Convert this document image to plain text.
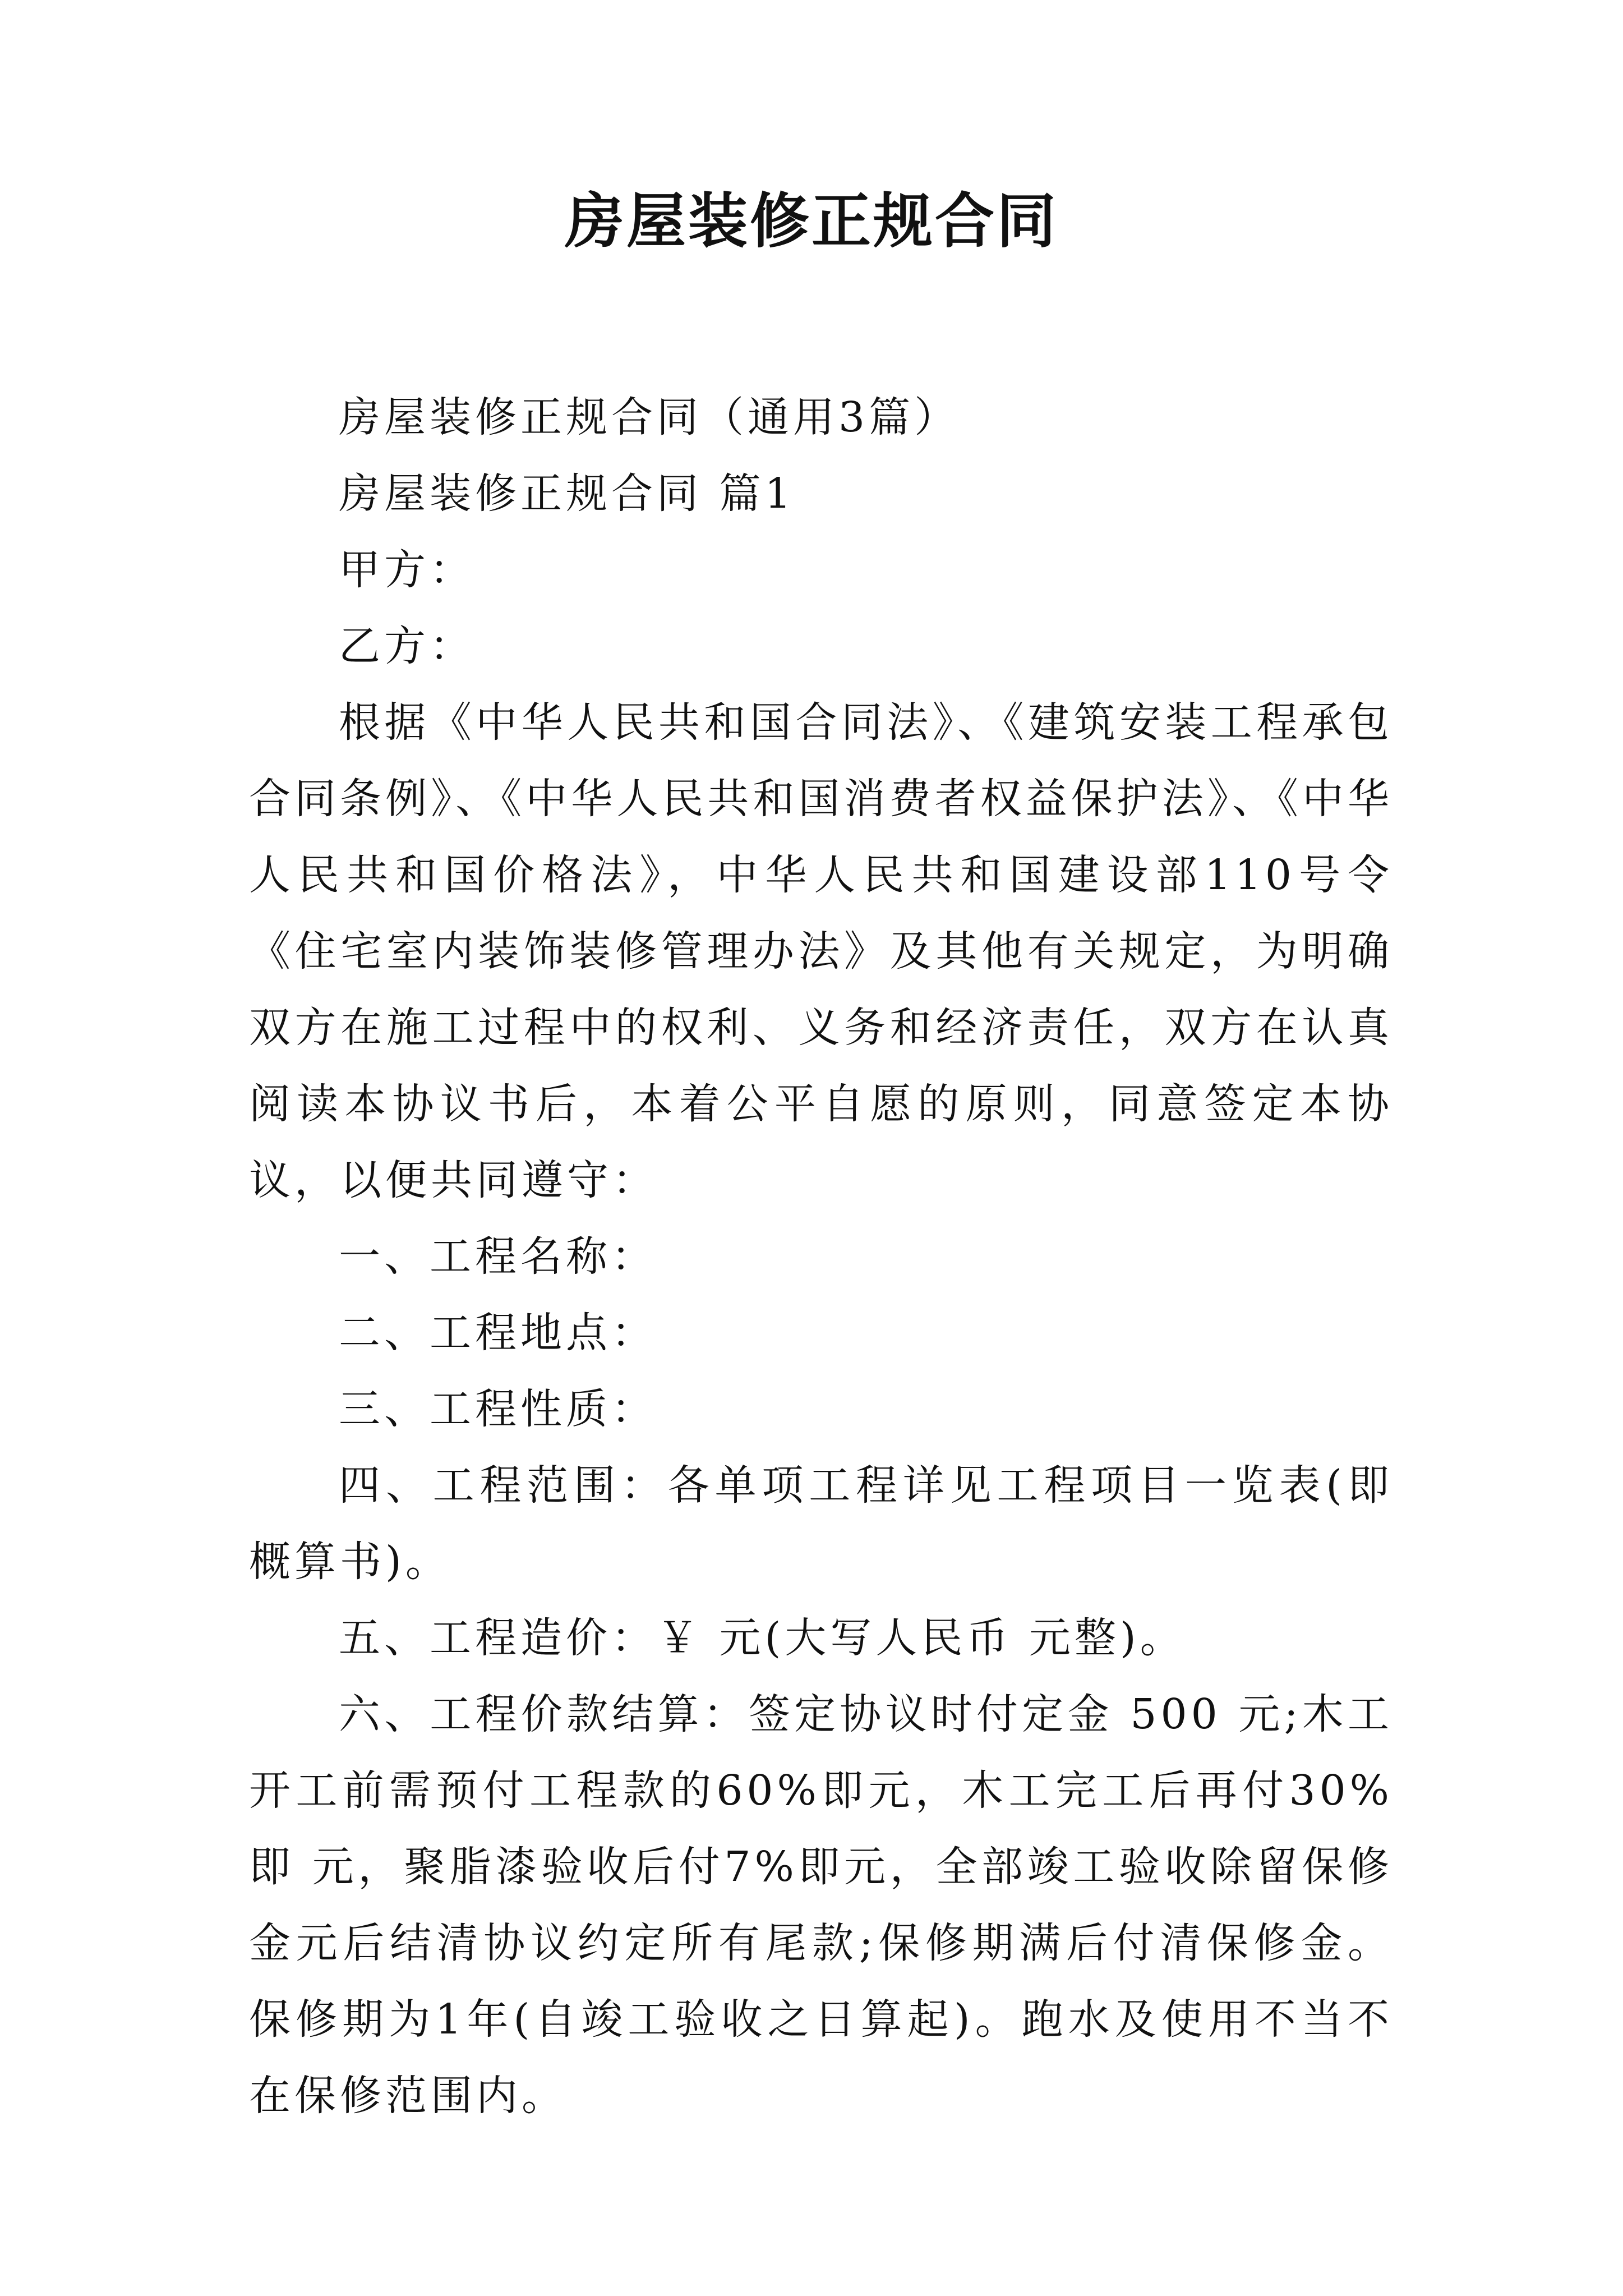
房屋装修正规合同

房屋装修正规合同（通用3篇）

房屋装修正规合同 篇1

甲方：

乙方：

根据《中华人民共和国合同法》、《建筑安装工程承包合同条例》、《中华人民共和国消费者权益保护法》、《中华人民共和国价格法》，中华人民共和国建设部110号令《住宅室内装饰装修管理办法》及其他有关规定，为明确双方在施工过程中的权利、义务和经济责任，双方在认真阅读本协议书后，本着公平自愿的原则，同意签定本协议，以便共同遵守：

一、工程名称：

二、工程地点：

三、工程性质：

四、工程范围：各单项工程详见工程项目一览表(即概算书)。

五、工程造价：￥ 元(大写人民币 元整)。

六、工程价款结算：签定协议时付定金 500 元;木工开工前需预付工程款的60%即元，木工完工后再付30%即 元，聚脂漆验收后付7%即元，全部竣工验收除留保修金元后结清协议约定所有尾款;保修期满后付清保修金。保修期为1年(自竣工验收之日算起)。跑水及使用不当不在保修范围内。
